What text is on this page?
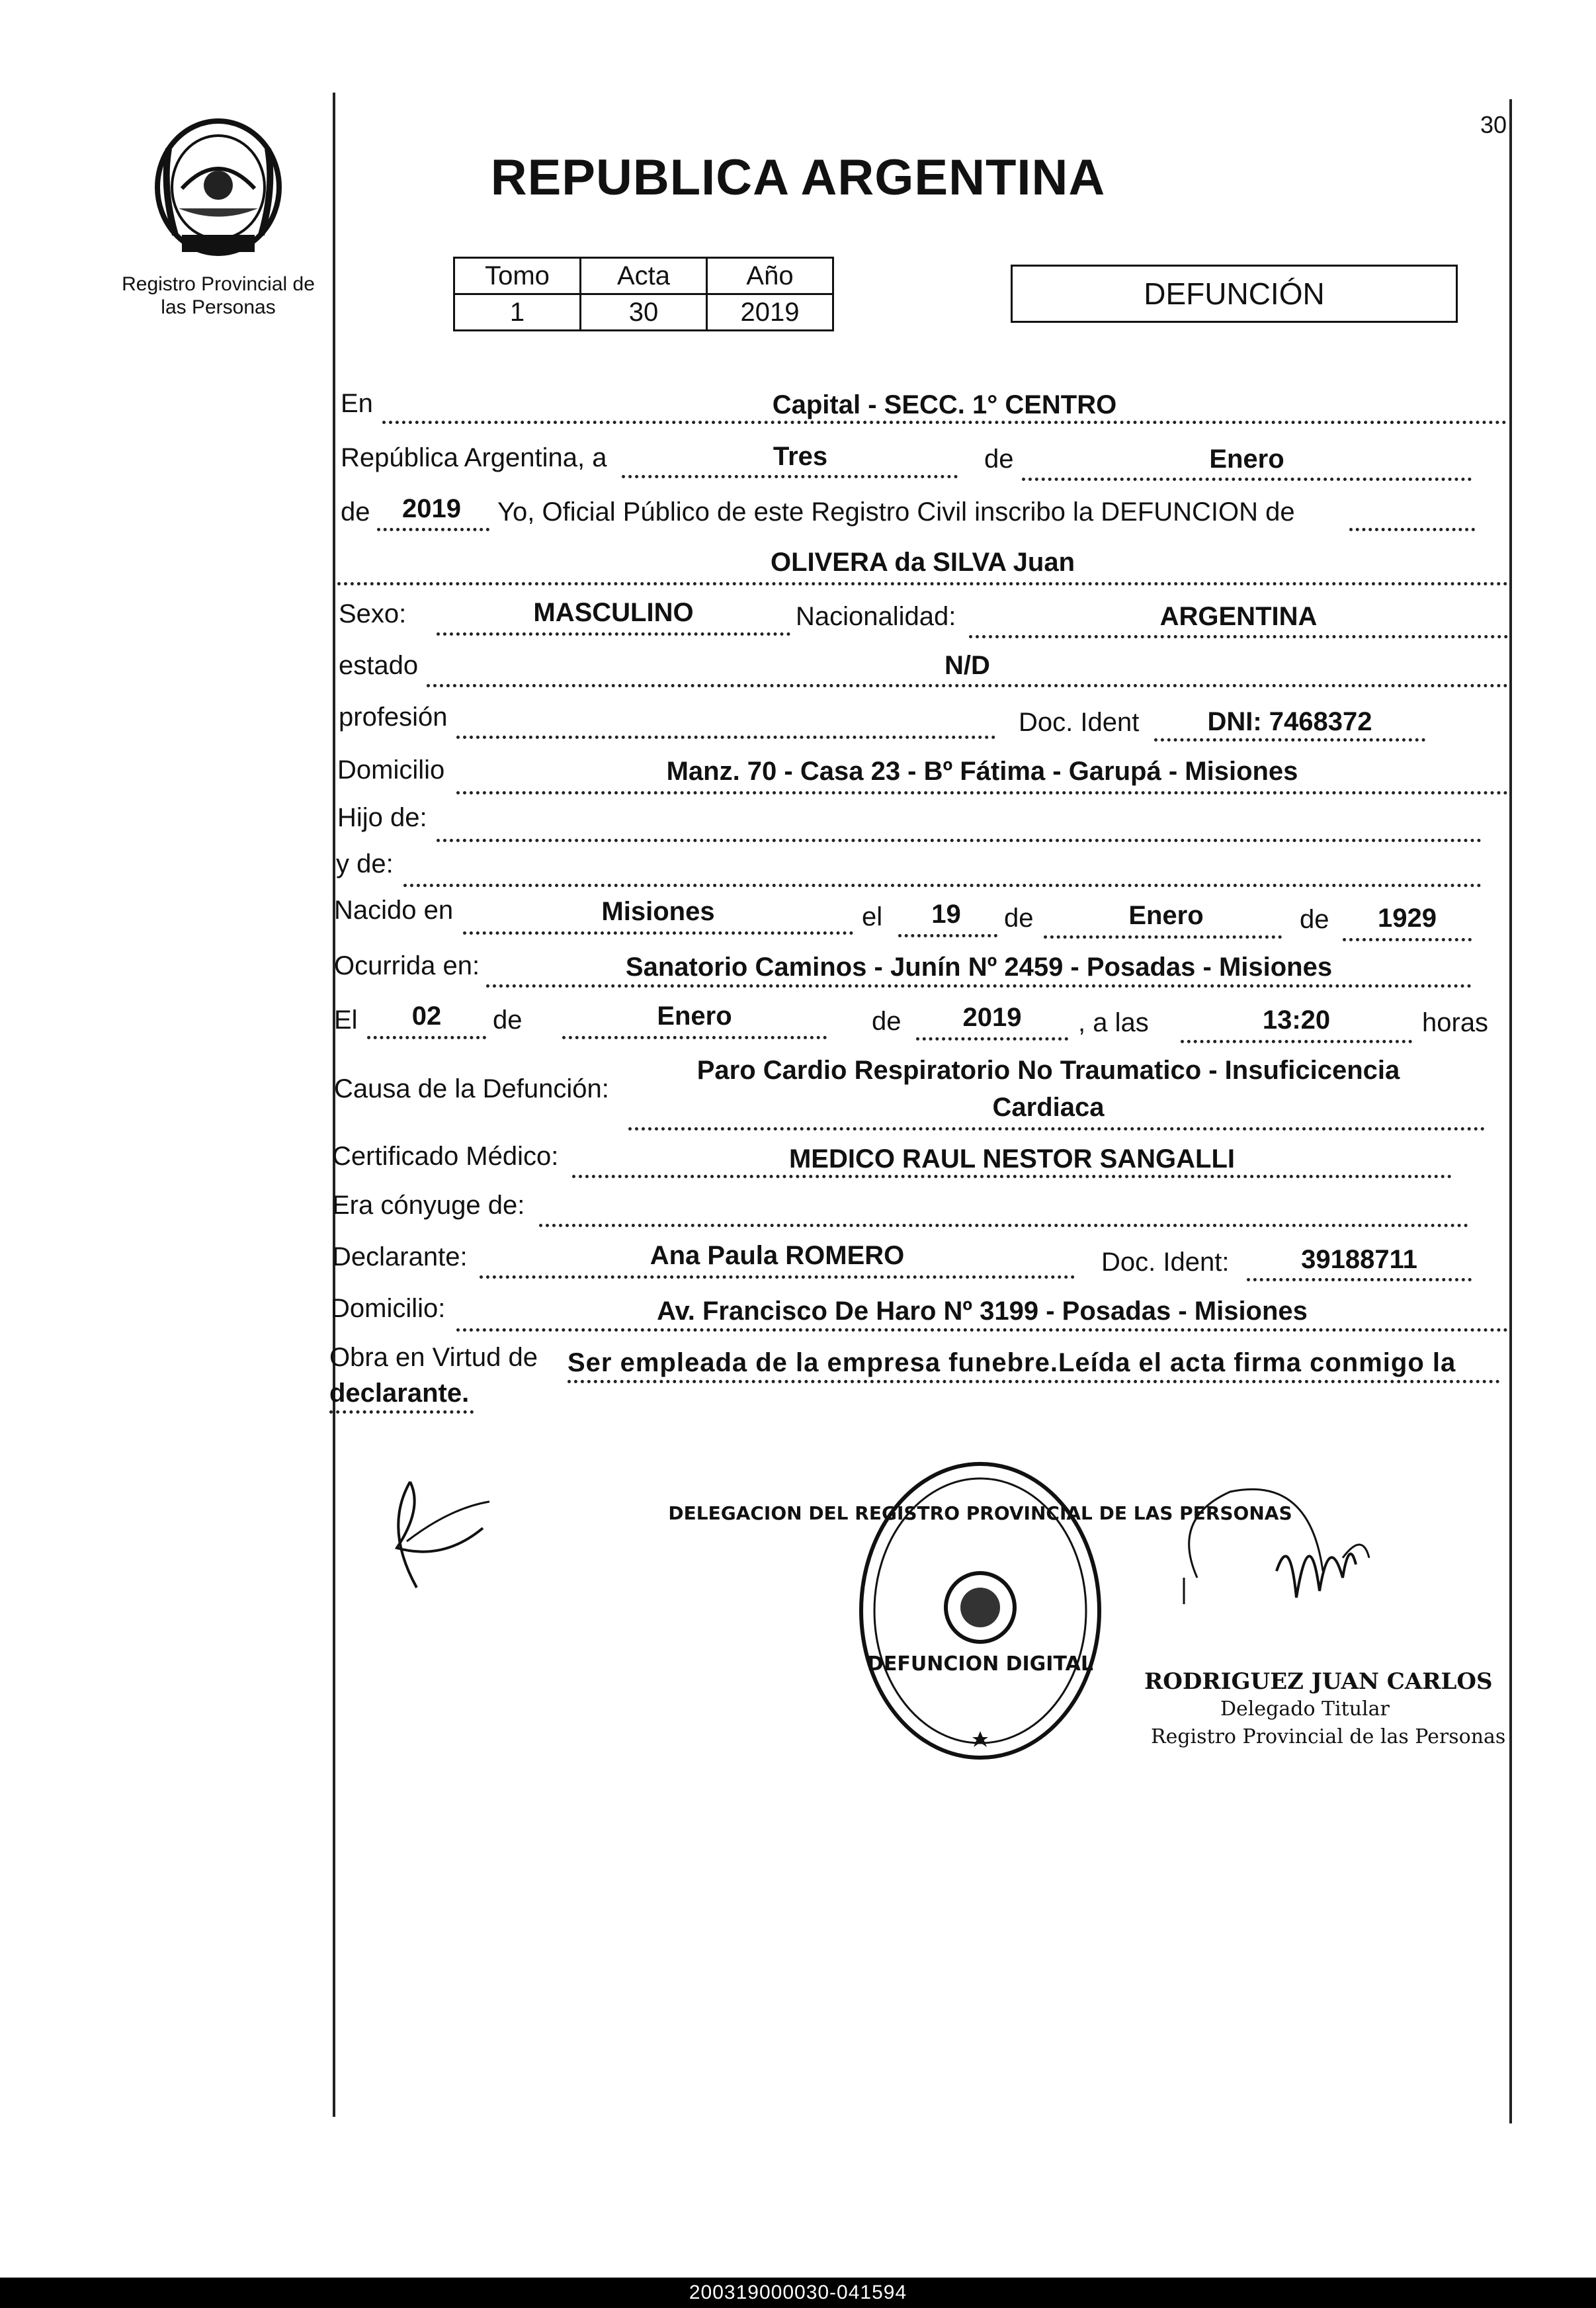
Registro Provincial de
las Personas
30
REPUBLICA ARGENTINA
Tomo	Acta	Año
1	30	2019
DEFUNCIÓN
En	Capital - SECC. 1° CENTRO
República Argentina, a	Tres	de	Enero
de	2019	Yo, Oficial Público de este Registro Civil inscribo la DEFUNCION de
OLIVERA da SILVA Juan
Sexo:	MASCULINO	Nacionalidad:	ARGENTINA
estado	N/D
profesión	Doc. Ident	DNI: 7468372
Domicilio	Manz. 70 - Casa 23 - Bº Fátima - Garupá - Misiones
Hijo de:
y de:
Nacido en	Misiones	el	19	de	Enero	de	1929
Ocurrida en:	Sanatorio Caminos - Junín Nº 2459 - Posadas - Misiones
El	02	de	Enero	de	2019	, a las	13:20	horas
Causa de la Defunción:
Paro Cardio Respiratorio No Traumatico - Insuficicencia
Cardiaca
Certificado Médico:	MEDICO RAUL NESTOR SANGALLI
Era cónyuge de:
Declarante:	Ana Paula ROMERO	Doc. Ident:	39188711
Domicilio:	Av. Francisco De Haro Nº 3199 - Posadas - Misiones
Obra en Virtud de Ser empleada de la empresa funebre.Leída el acta firma conmigo la
declarante.
DELEGACION DEL REGISTRO PROVINCIAL DE LAS PERSONAS
DEFUNCION DIGITAL
RODRIGUEZ JUAN CARLOS
Delegado Titular
Registro Provincial de las Personas
200319000030-041594
